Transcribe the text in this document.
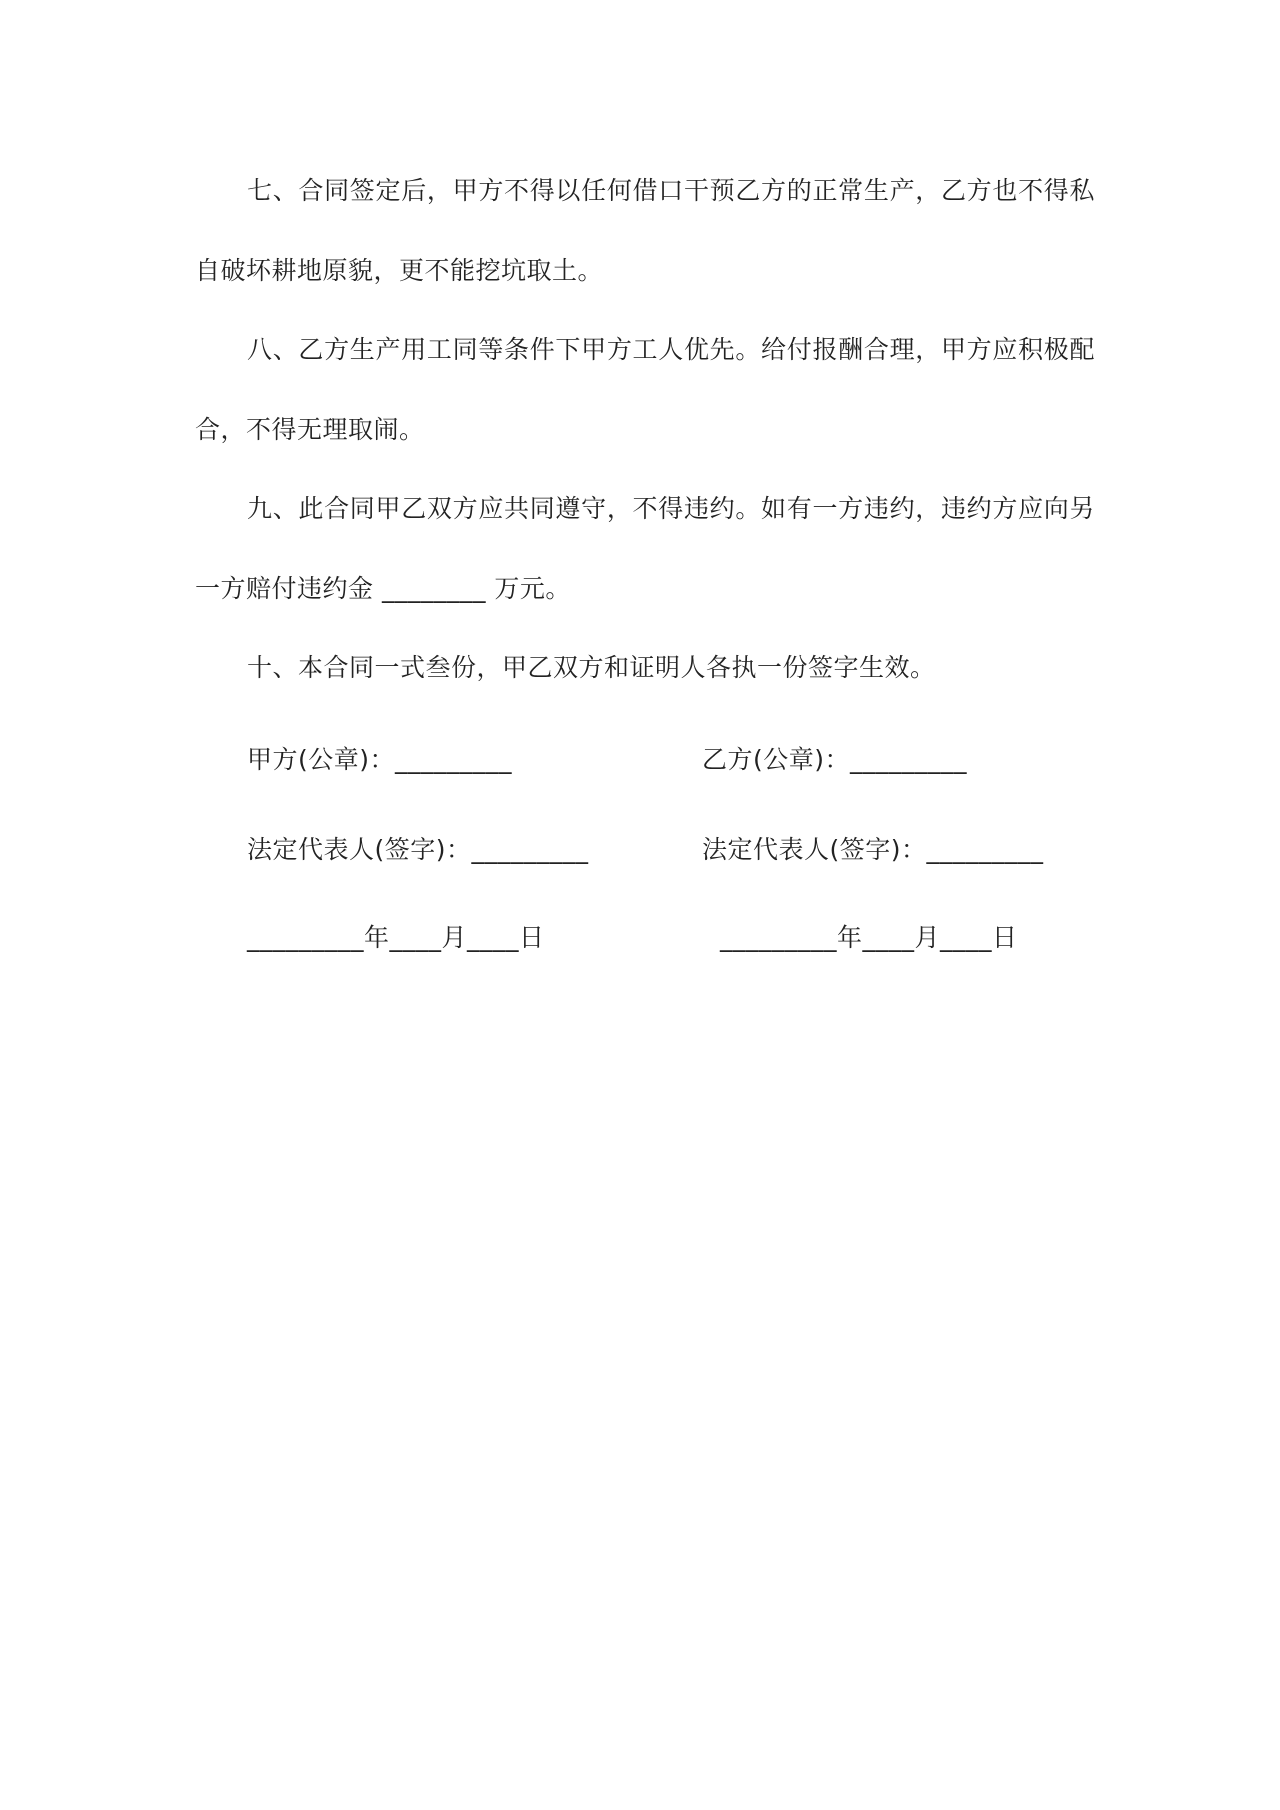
七、合同签定后，甲方不得以任何借口干预乙方的正常生产，乙方也不得私自破坏耕地原貌，更不能挖坑取土。
八、乙方生产用工同等条件下甲方工人优先。给付报酬合理，甲方应积极配合，不得无理取闹。
九、此合同甲乙双方应共同遵守，不得违约。如有一方违约，违约方应向另一方赔付违约金 ________ 万元。
十、本合同一式叁份，甲乙双方和证明人各执一份签字生效。
甲方(公章)：_________	乙方(公章)：_________
法定代表人(签字)：_________	法定代表人(签字)：_________
_________年____月____日	_________年____月____日
